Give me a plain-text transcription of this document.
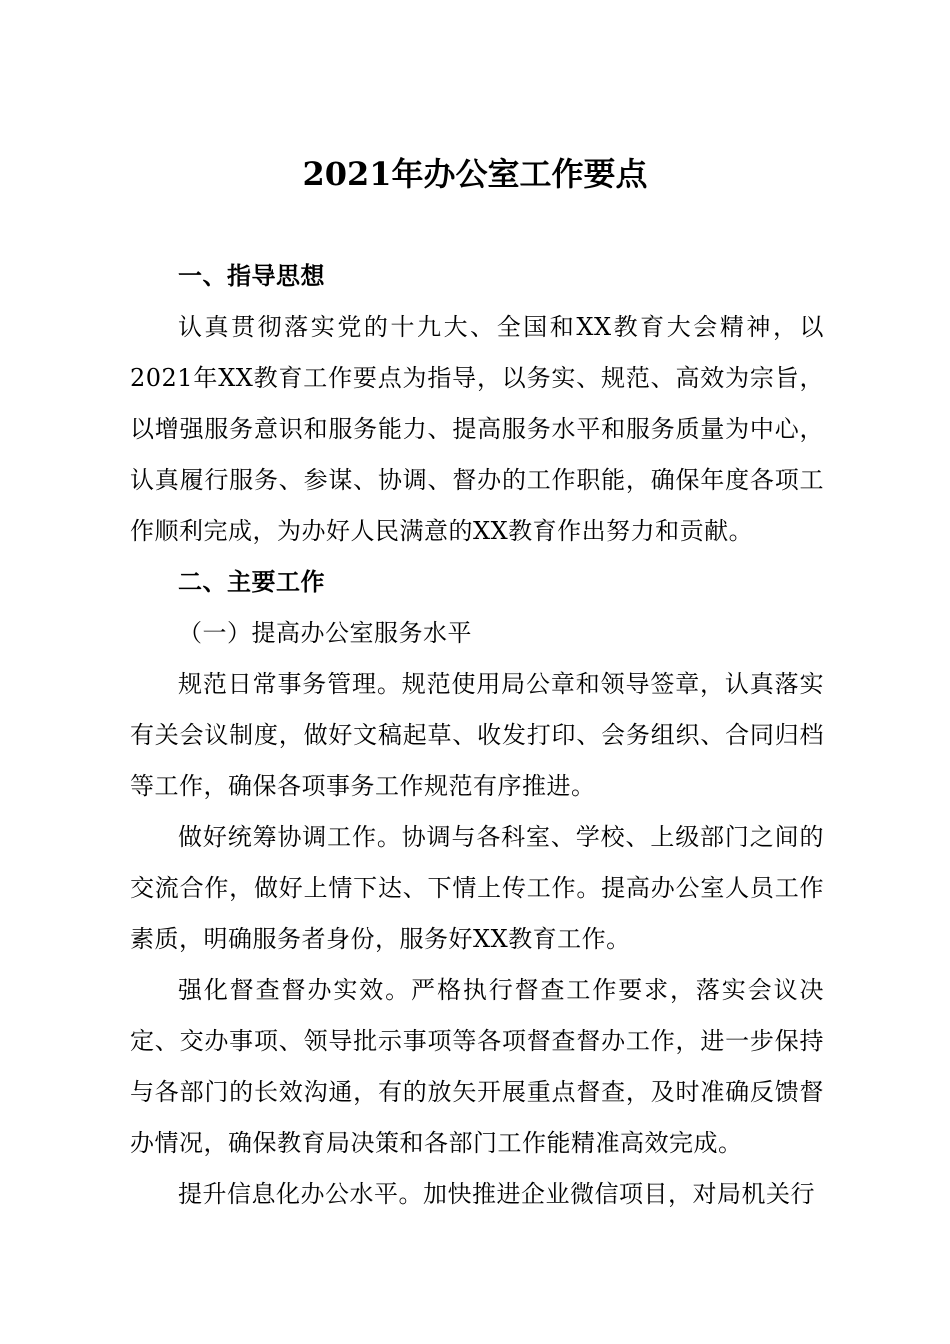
2021年办公室工作要点

一、指导思想

认真贯彻落实党的十九大、全国和XX教育大会精神，以2021年XX教育工作要点为指导，以务实、规范、高效为宗旨，以增强服务意识和服务能力、提高服务水平和服务质量为中心，认真履行服务、参谋、协调、督办的工作职能，确保年度各项工作顺利完成，为办好人民满意的XX教育作出努力和贡献。

二、主要工作

（一）提高办公室服务水平

规范日常事务管理。规范使用局公章和领导签章，认真落实有关会议制度，做好文稿起草、收发打印、会务组织、合同归档等工作，确保各项事务工作规范有序推进。

做好统筹协调工作。协调与各科室、学校、上级部门之间的交流合作，做好上情下达、下情上传工作。提高办公室人员工作素质，明确服务者身份，服务好XX教育工作。

强化督查督办实效。严格执行督查工作要求，落实会议决定、交办事项、领导批示事项等各项督查督办工作，进一步保持与各部门的长效沟通，有的放矢开展重点督查，及时准确反馈督办情况，确保教育局决策和各部门工作能精准高效完成。

提升信息化办公水平。加快推进企业微信项目，对局机关行
